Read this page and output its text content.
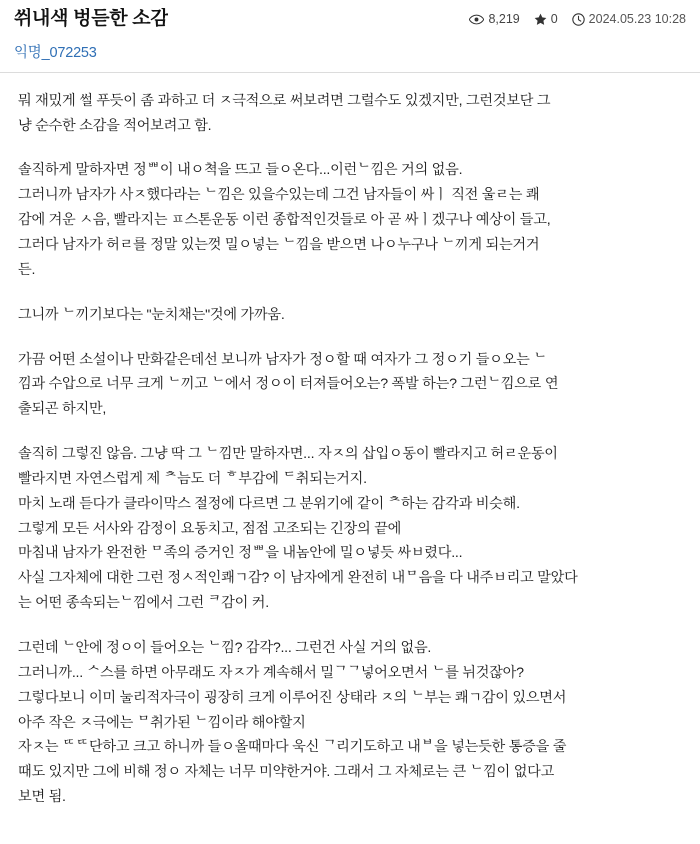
쒸내색 벙듣한 소감	8,219 0 2024.05.23 10:28
익명_072253
뭐 재밌게 썰 푸듯이 좀 과하고 더 ㅈ극적으로 써보려면 그럴수도 있겠지만, 그런것보단 그
냥 순수한 소감을 적어보려고 함.
솔직하게 말하자면 정ᄈ이 내ㅇ쳑을 뜨고 들ㅇ온다...이런ᄂ낌은 거의 없음.
그러니까 남자가 사ㅈ했다라는 ᄂ낌은 있을수있는데 그건 남자들이 싸ㅣ 직전 울ㄹ는 쾌
감에 겨운 ㅅ음, 빨라지는 ㅍ스톤운동 이런 종합적인것들로 아 곧 싸ㅣ겠구나 예상이 들고,
그러다 남자가 허ㄹ를 정말 있는껏 밀ㅇ넣는 ᄂ낌을 받으면 나ㅇ누구나 ᄂ끼게 되는거거
든.
그니까 ᄂ끼기보다는 "눈치채는"것에 가까움.
가끔 어떤 소설이나 만화같은데선 보니까 남자가 정ㅇ할 때 여자가 그 정ㅇ기 들ㅇ오는 ᄂ
낌과 수압으로 너무 크게 ᄂ끼고 ᄂ에서 정ㅇ이 터져들어오는? 폭발 하는? 그런ᄂ낌으로 연
출되곤 하지만,
솔직히 그렇진 않음. 그냥 딱 그 ᄂ낌만 말하자면... 자ㅈ의 삽입ㅇ동이 빨라지고 허ㄹ운동이
빨라지면 자연스럽게 제 ᄎ늠도 더 ᄒ부감에 ᄃ취되는거지.
마치 노래 듣다가 클라이막스 절정에 다르면 그 분위기에 같이 ᄎ하는 감각과 비슷해.
그렇게 모든 서사와 감정이 요동치고, 점점 고조되는 긴장의 끝에
마침내 남자가 완전한 ᄆ족의 증거인 정ᄈ을 내놈안에 밀ㅇ넣듯 싸ㅂ렸다...
사실 그자체에 대한 그런 정ㅅ적인쾌ㄱ감? 이 남자에게 완전히 내ᄆ음을 다 내주ㅂ리고 말았다
는 어떤 종속되는ᄂ낌에서 그런 ᄏ감이 커.
그런데 ᄂ안에 정ㅇ이 들어오는 ᄂ낌? 감각?... 그런건 사실 거의 없음.
그러니까... ᄉ스를 하면 아무래도 자ㅈ가 계속해서 밀ᄀᄀ넣어오면서 ᄂ를 뉘것잖아?
그렇다보니 이미 눌리적자극이 굉장히 크게 이루어진 상태라 ㅈ의 ᄂ부는 쾌ㄱ감이 있으면서
아주 작은 ㅈ극에는 ᄆ취가된 ᄂ낌이라 해야할지
자ㅈ는 ᄄᄄ단하고 크고 하니까 들ㅇ올때마다 욱신 ᄀ리기도하고 내ᄇ을 넣는듯한 통증을 줄
때도 있지만 그에 비해 정ㅇ 자체는 너무 미약한거야. 그래서 그 자체로는 큰 ᄂ낌이 없다고
보면 됨.
